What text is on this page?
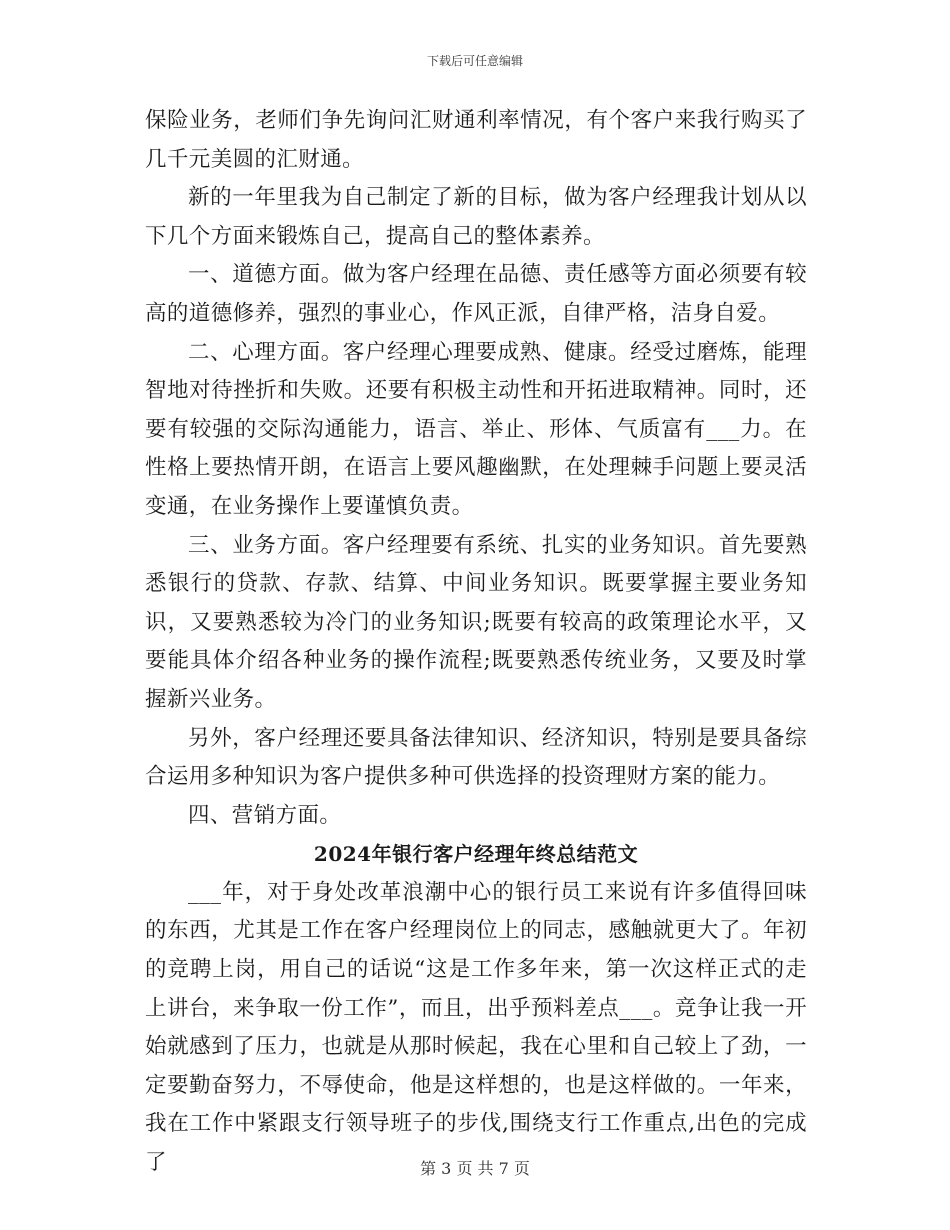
下载后可任意编辑

保险业务，老师们争先询问汇财通利率情况，有个客户来我行购买了几千元美圆的汇财通。

新的一年里我为自己制定了新的目标，做为客户经理我计划从以下几个方面来锻炼自己，提高自己的整体素养。

一、道德方面。做为客户经理在品德、责任感等方面必须要有较高的道德修养，强烈的事业心，作风正派，自律严格，洁身自爱。

二、心理方面。客户经理心理要成熟、健康。经受过磨炼，能理智地对待挫折和失败。还要有积极主动性和开拓进取精神。同时，还要有较强的交际沟通能力，语言、举止、形体、气质富有___力。在性格上要热情开朗，在语言上要风趣幽默，在处理棘手问题上要灵活变通，在业务操作上要谨慎负责。

三、业务方面。客户经理要有系统、扎实的业务知识。首先要熟悉银行的贷款、存款、结算、中间业务知识。既要掌握主要业务知识，又要熟悉较为冷门的业务知识;既要有较高的政策理论水平，又要能具体介绍各种业务的操作流程;既要熟悉传统业务，又要及时掌握新兴业务。

另外，客户经理还要具备法律知识、经济知识，特别是要具备综合运用多种知识为客户提供多种可供选择的投资理财方案的能力。

四、营销方面。

2024年银行客户经理年终总结范文

___年，对于身处改革浪潮中心的银行员工来说有许多值得回味的东西，尤其是工作在客户经理岗位上的同志，感触就更大了。年初的竞聘上岗，用自己的话说“这是工作多年来，第一次这样正式的走上讲台，来争取一份工作”，而且，出乎预料差点___。竞争让我一开始就感到了压力，也就是从那时候起，我在心里和自己较上了劲，一定要勤奋努力，不辱使命，他是这样想的，也是这样做的。一年来，我在工作中紧跟支行领导班子的步伐,围绕支行工作重点,出色的完成了	第 3 页 共 7 页
